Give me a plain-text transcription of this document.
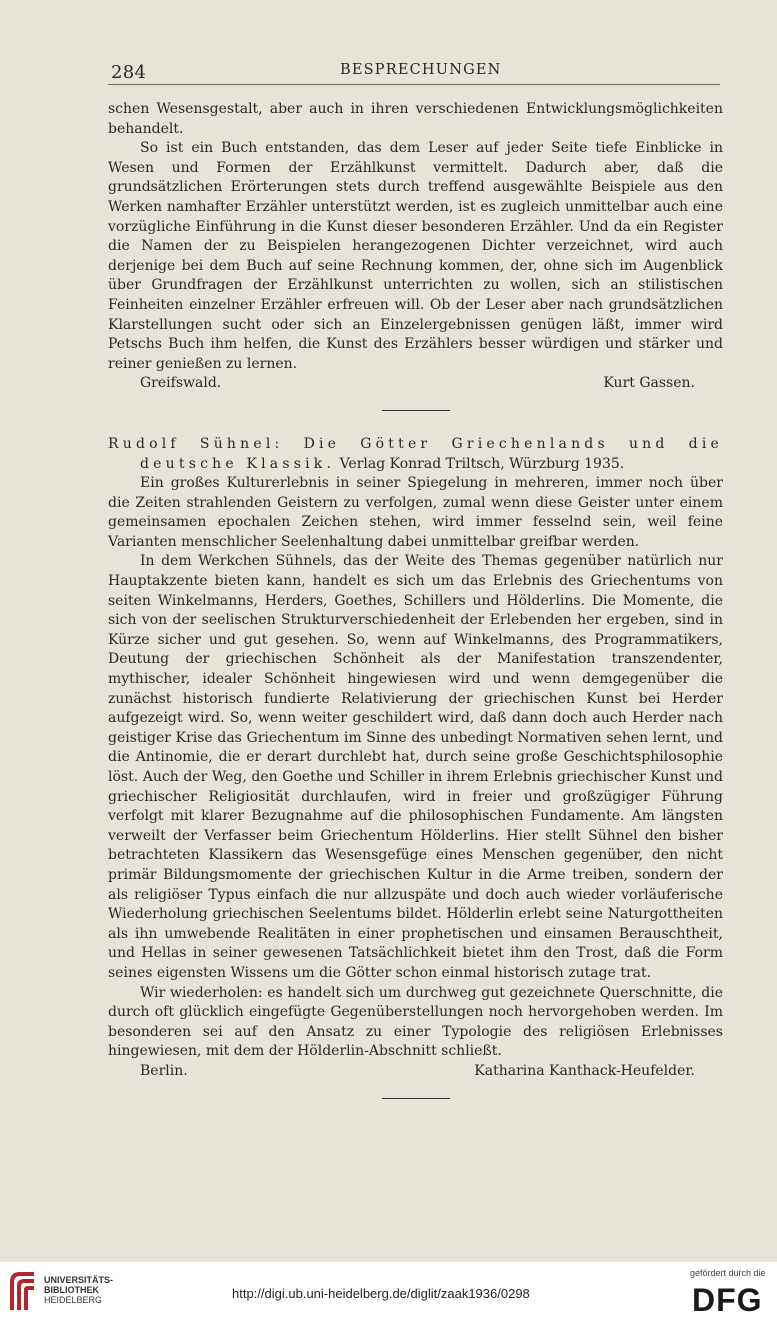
284	BESPRECHUNGEN

schen Wesensgestalt, aber auch in ihren verschiedenen Entwicklungsmöglichkeiten behandelt.

So ist ein Buch entstanden, das dem Leser auf jeder Seite tiefe Einblicke in Wesen und Formen der Erzählkunst vermittelt. Dadurch aber, daß die grundsätzlichen Erörterungen stets durch treffend ausgewählte Beispiele aus den Werken namhafter Erzähler unterstützt werden, ist es zugleich unmittelbar auch eine vorzügliche Einführung in die Kunst dieser besonderen Erzähler. Und da ein Register die Namen der zu Beispielen herangezogenen Dichter verzeichnet, wird auch derjenige bei dem Buch auf seine Rechnung kommen, der, ohne sich im Augenblick über Grundfragen der Erzählkunst unterrichten zu wollen, sich an stilistischen Feinheiten einzelner Erzähler erfreuen will. Ob der Leser aber nach grundsätzlichen Klarstellungen sucht oder sich an Einzelergebnissen genügen läßt, immer wird Petschs Buch ihm helfen, die Kunst des Erzählers besser würdigen und stärker und reiner genießen zu lernen.

Greifswald.	Kurt Gassen.

Rudolf Sühnel: Die Götter Griechenlands und die deutsche Klassik. Verlag Konrad Triltsch, Würzburg 1935.

Ein großes Kulturerlebnis in seiner Spiegelung in mehreren, immer noch über die Zeiten strahlenden Geistern zu verfolgen, zumal wenn diese Geister unter einem gemeinsamen epochalen Zeichen stehen, wird immer fesselnd sein, weil feine Varianten menschlicher Seelenhaltung dabei unmittelbar greifbar werden.

In dem Werkchen Sühnels, das der Weite des Themas gegenüber natürlich nur Hauptakzente bieten kann, handelt es sich um das Erlebnis des Griechentums von seiten Winkelmanns, Herders, Goethes, Schillers und Hölderlins. Die Momente, die sich von der seelischen Strukturverschiedenheit der Erlebenden her ergeben, sind in Kürze sicher und gut gesehen. So, wenn auf Winkelmanns, des Programmatikers, Deutung der griechischen Schönheit als der Manifestation transzendenter, mythischer, idealer Schönheit hingewiesen wird und wenn demgegenüber die zunächst historisch fundierte Relativierung der griechischen Kunst bei Herder aufgezeigt wird. So, wenn weiter geschildert wird, daß dann doch auch Herder nach geistiger Krise das Griechentum im Sinne des unbedingt Normativen sehen lernt, und die Antinomie, die er derart durchlebt hat, durch seine große Geschichtsphilosophie löst. Auch der Weg, den Goethe und Schiller in ihrem Erlebnis griechischer Kunst und griechischer Religiosität durchlaufen, wird in freier und großzügiger Führung verfolgt mit klarer Bezugnahme auf die philosophischen Fundamente. Am längsten verweilt der Verfasser beim Griechentum Hölderlins. Hier stellt Sühnel den bisher betrachteten Klassikern das Wesensgefüge eines Menschen gegenüber, den nicht primär Bildungsmomente der griechischen Kultur in die Arme treiben, sondern der als religiöser Typus einfach die nur allzuspäte und doch auch wieder vorläuferische Wiederholung griechischen Seelentums bildet. Hölderlin erlebt seine Naturgottheiten als ihn umwebende Realitäten in einer prophetischen und einsamen Berauschtheit, und Hellas in seiner gewesenen Tatsächlichkeit bietet ihm den Trost, daß die Form seines eigensten Wissens um die Götter schon einmal historisch zutage trat.

Wir wiederholen: es handelt sich um durchweg gut gezeichnete Querschnitte, die durch oft glücklich eingefügte Gegenüberstellungen noch hervorgehoben werden. Im besonderen sei auf den Ansatz zu einer Typologie des religiösen Erlebnisses hingewiesen, mit dem der Hölderlin-Abschnitt schließt.

Berlin.	Katharina Kanthack-Heufelder.

UNIVERSITÄTS-
BIBLIOTHEK
HEIDELBERG	http://digi.ub.uni-heidelberg.de/diglit/zaak1936/0298
gefördert durch die
DFG
